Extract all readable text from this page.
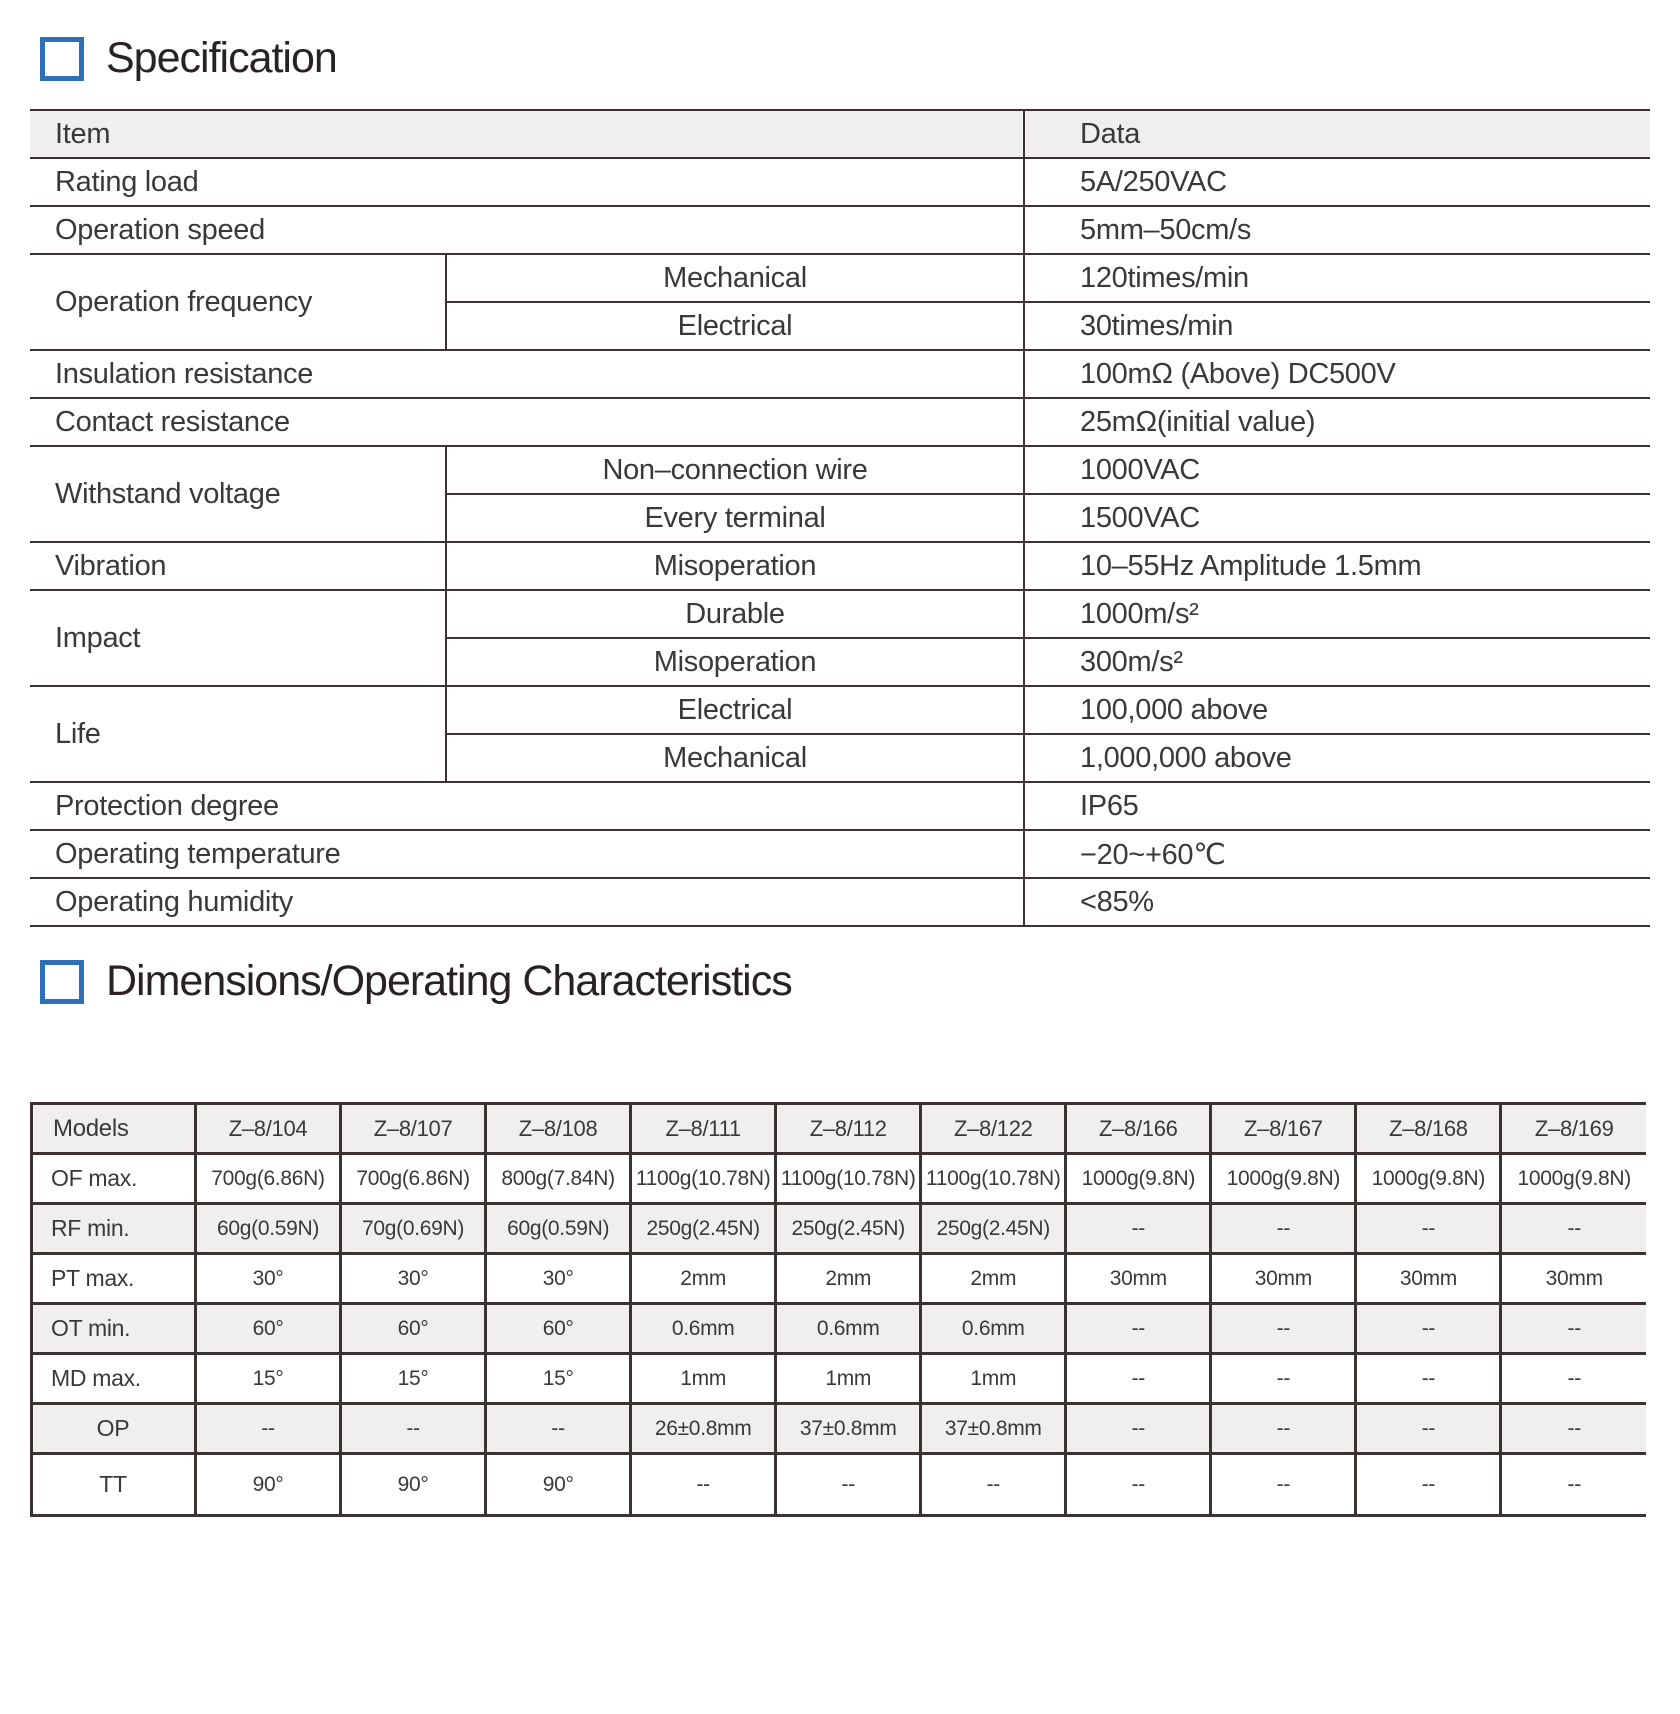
Specification
Item		Data
Rating load		5A/250VAC
Operation speed		5mm–50cm/s
Operation frequency	Mechanical	120times/min
	Electrical	30times/min
Insulation resistance		100mΩ (Above) DC500V
Contact resistance		25mΩ(initial value)
Withstand voltage	Non–connection wire	1000VAC
	Every terminal	1500VAC
Vibration	Misoperation	10–55Hz Amplitude 1.5mm
Impact	Durable	1000m/s²
	Misoperation	300m/s²
Life	Electrical	100,000 above
	Mechanical	1,000,000 above
Protection degree		IP65
Operating temperature		−20~+60℃
Operating humidity		<85%
Dimensions/Operating Characteristics
Models	Z–8/104	Z–8/107	Z–8/108	Z–8/111	Z–8/112	Z–8/122	Z–8/166	Z–8/167	Z–8/168	Z–8/169
OF max.	700g(6.86N)	700g(6.86N)	800g(7.84N)	1100g(10.78N)	1100g(10.78N)	1100g(10.78N)	1000g(9.8N)	1000g(9.8N)	1000g(9.8N)	1000g(9.8N)
RF min.	60g(0.59N)	70g(0.69N)	60g(0.59N)	250g(2.45N)	250g(2.45N)	250g(2.45N)	--	--	--	--
PT max.	30°	30°	30°	2mm	2mm	2mm	30mm	30mm	30mm	30mm
OT min.	60°	60°	60°	0.6mm	0.6mm	0.6mm	--	--	--	--
MD max.	15°	15°	15°	1mm	1mm	1mm	--	--	--	--
OP	--	--	--	26±0.8mm	37±0.8mm	37±0.8mm	--	--	--	--
TT	90°	90°	90°	--	--	--	--	--	--	--
